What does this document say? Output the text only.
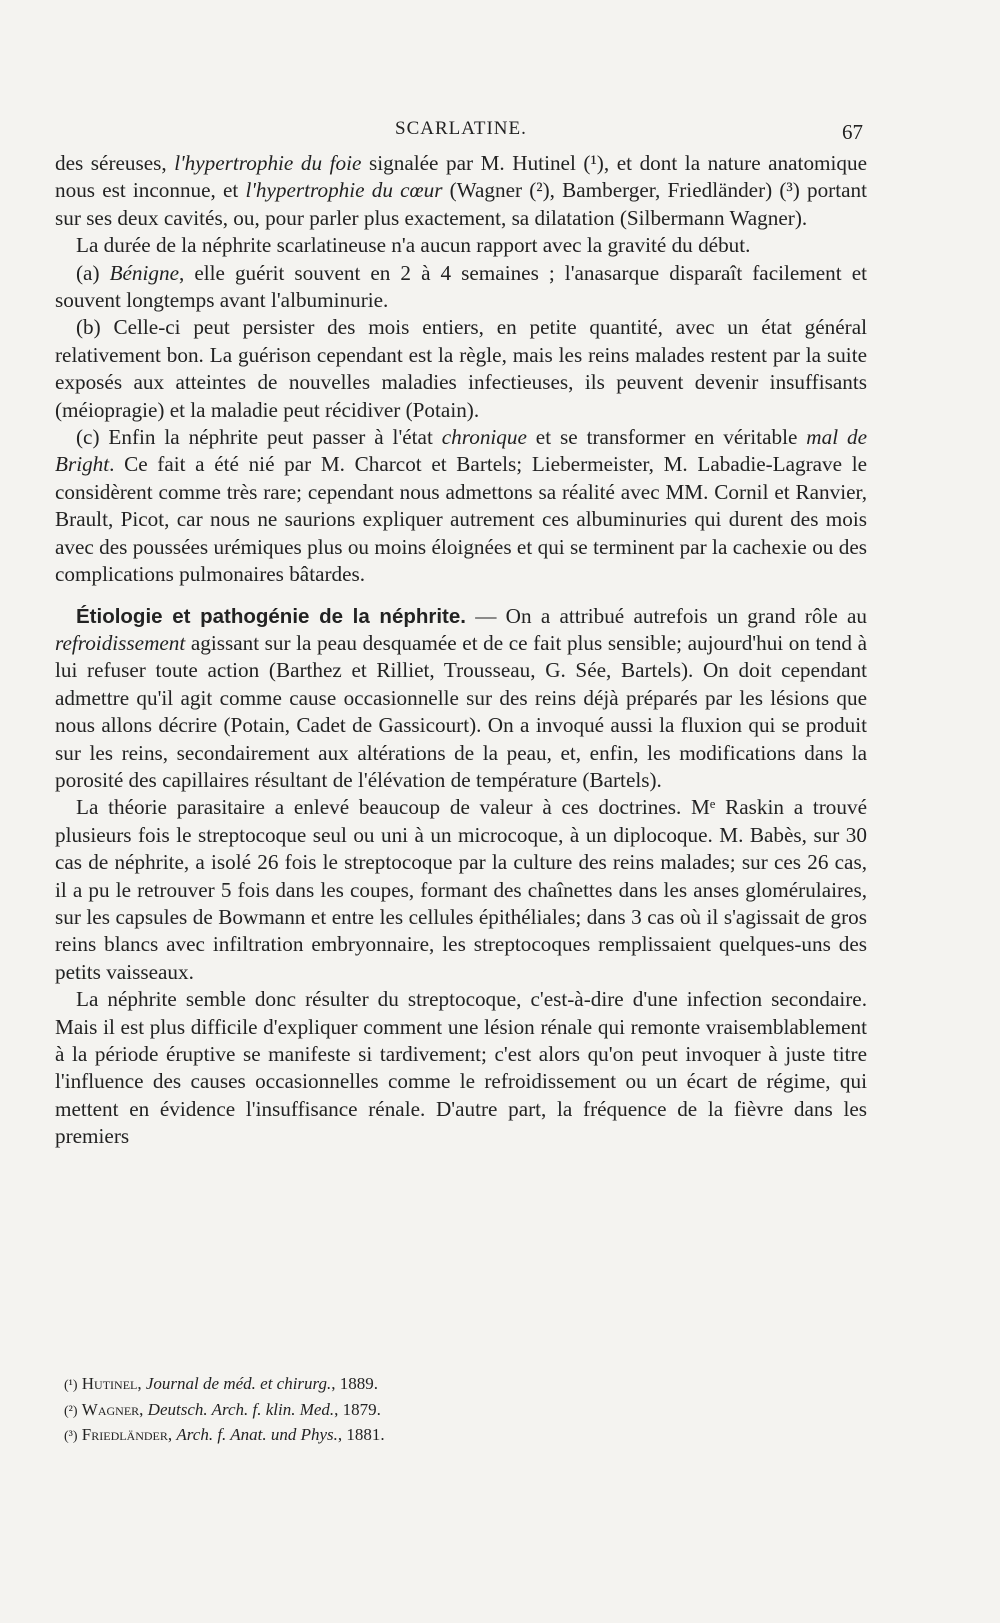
SCARLATINE.	67

des séreuses, l'hypertrophie du foie signalée par M. Hutinel (¹), et dont la nature anatomique nous est inconnue, et l'hypertrophie du cœur (Wagner (²), Bamberger, Friedländer) (³) portant sur ses deux cavités, ou, pour parler plus exactement, sa dilatation (Silbermann Wagner).

La durée de la néphrite scarlatineuse n'a aucun rapport avec la gravité du début.

(a) Bénigne, elle guérit souvent en 2 à 4 semaines ; l'anasarque disparaît facilement et souvent longtemps avant l'albuminurie.

(b) Celle-ci peut persister des mois entiers, en petite quantité, avec un état général relativement bon. La guérison cependant est la règle, mais les reins malades restent par la suite exposés aux atteintes de nouvelles maladies infectieuses, ils peuvent devenir insuffisants (méiopragie) et la maladie peut récidiver (Potain).

(c) Enfin la néphrite peut passer à l'état chronique et se transformer en véritable mal de Bright. Ce fait a été nié par M. Charcot et Bartels; Liebermeister, M. Labadie-Lagrave le considèrent comme très rare; cependant nous admettons sa réalité avec MM. Cornil et Ranvier, Brault, Picot, car nous ne saurions expliquer autrement ces albuminuries qui durent des mois avec des poussées urémiques plus ou moins éloignées et qui se terminent par la cachexie ou des complications pulmonaires bâtardes.

Étiologie et pathogénie de la néphrite. — On a attribué autrefois un grand rôle au refroidissement agissant sur la peau desquamée et de ce fait plus sensible; aujourd'hui on tend à lui refuser toute action (Barthez et Rilliet, Trousseau, G. Sée, Bartels). On doit cependant admettre qu'il agit comme cause occasionnelle sur des reins déjà préparés par les lésions que nous allons décrire (Potain, Cadet de Gassicourt). On a invoqué aussi la fluxion qui se produit sur les reins, secondairement aux altérations de la peau, et, enfin, les modifications dans la porosité des capillaires résultant de l'élévation de température (Bartels).

La théorie parasitaire a enlevé beaucoup de valeur à ces doctrines. Mᵉ Raskin a trouvé plusieurs fois le streptocoque seul ou uni à un microcoque, à un diplocoque. M. Babès, sur 30 cas de néphrite, a isolé 26 fois le streptocoque par la culture des reins malades; sur ces 26 cas, il a pu le retrouver 5 fois dans les coupes, formant des chaînettes dans les anses glomérulaires, sur les capsules de Bowmann et entre les cellules épithéliales; dans 3 cas où il s'agissait de gros reins blancs avec infiltration embryonnaire, les streptocoques remplissaient quelques-uns des petits vaisseaux.

La néphrite semble donc résulter du streptocoque, c'est-à-dire d'une infection secondaire. Mais il est plus difficile d'expliquer comment une lésion rénale qui remonte vraisemblablement à la période éruptive se manifeste si tardivement; c'est alors qu'on peut invoquer à juste titre l'influence des causes occasionnelles comme le refroidissement ou un écart de régime, qui mettent en évidence l'insuffisance rénale. D'autre part, la fréquence de la fièvre dans les premiers

(¹) Hutinel, Journal de méd. et chirurg., 1889.

(²) Wagner, Deutsch. Arch. f. klin. Med., 1879.

(³) Friedländer, Arch. f. Anat. und Phys., 1881.
